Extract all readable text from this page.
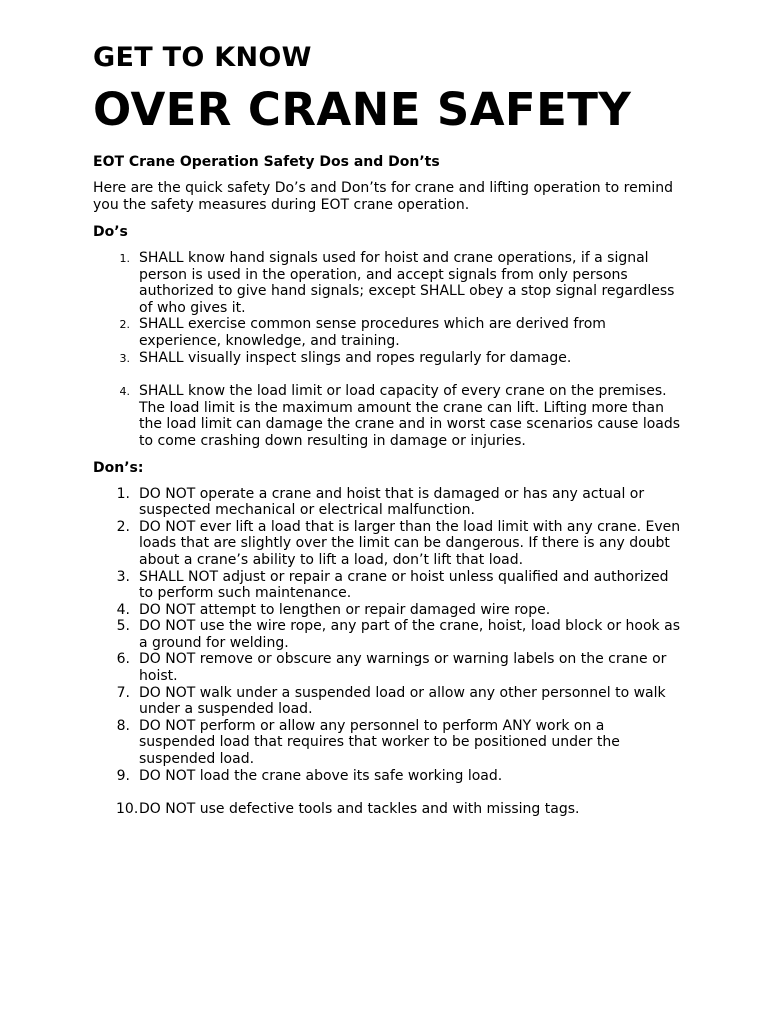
GET TO KNOW
OVER CRANE SAFETY

EOT Crane Operation Safety Dos and Don’ts

Here are the quick safety Do’s and Don’ts for crane and lifting operation to remind you the safety measures during EOT crane operation.

Do’s

1. SHALL know hand signals used for hoist and crane operations, if a signal person is used in the operation, and accept signals from only persons authorized to give hand signals; except SHALL obey a stop signal regardless of who gives it.
2. SHALL exercise common sense procedures which are derived from experience, knowledge, and training.
3. SHALL visually inspect slings and ropes regularly for damage.
4. SHALL know the load limit or load capacity of every crane on the premises. The load limit is the maximum amount the crane can lift. Lifting more than the load limit can damage the crane and in worst case scenarios cause loads to come crashing down resulting in damage or injuries.

Don’s:

1. DO NOT operate a crane and hoist that is damaged or has any actual or suspected mechanical or electrical malfunction.
2. DO NOT ever lift a load that is larger than the load limit with any crane. Even loads that are slightly over the limit can be dangerous. If there is any doubt about a crane’s ability to lift a load, don’t lift that load.
3. SHALL NOT adjust or repair a crane or hoist unless qualified and authorized to perform such maintenance.
4. DO NOT attempt to lengthen or repair damaged wire rope.
5. DO NOT use the wire rope, any part of the crane, hoist, load block or hook as a ground for welding.
6. DO NOT remove or obscure any warnings or warning labels on the crane or hoist.
7. DO NOT walk under a suspended load or allow any other personnel to walk under a suspended load.
8. DO NOT perform or allow any personnel to perform ANY work on a suspended load that requires that worker to be positioned under the suspended load.
9. DO NOT load the crane above its safe working load.
10. DO NOT use defective tools and tackles and with missing tags.
